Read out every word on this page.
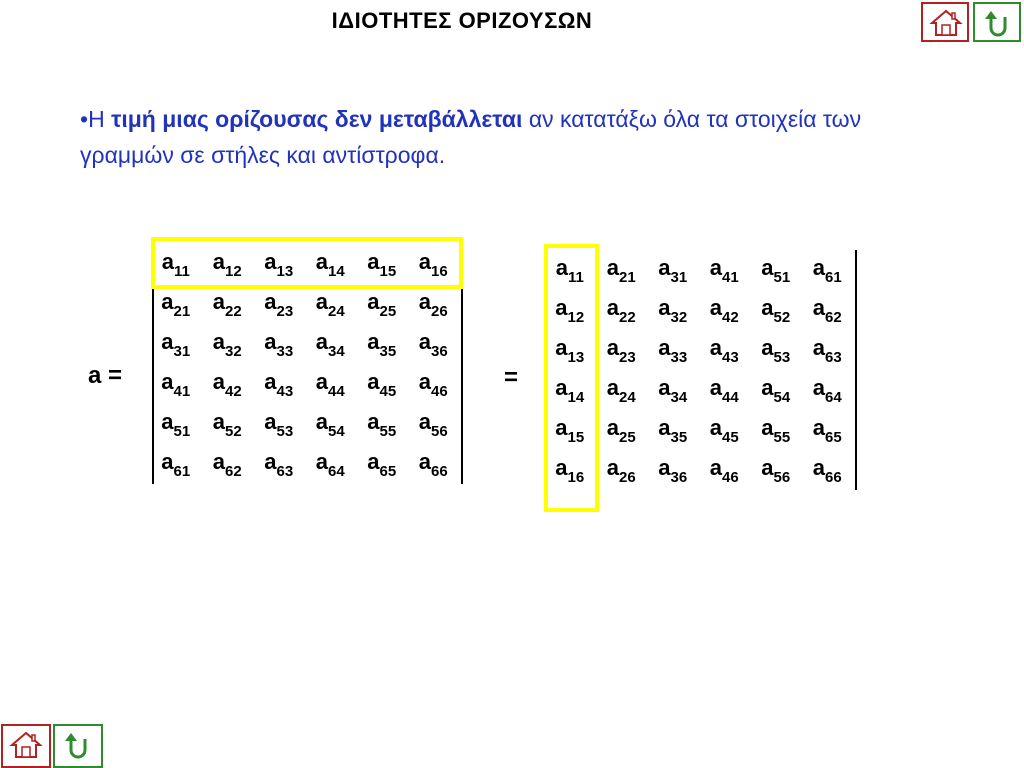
ΙΔΙΟΤΗΤΕΣ ΟΡΙΖΟΥΣΩΝ
•Η τιμή μιας ορίζουσας δεν μεταβάλλεται αν κατατάξω όλα τα στοιχεία των γραμμών σε στήλες και αντίστροφα.
a =
$a_{11}$	$a_{12}$	$a_{13}$	$a_{14}$	$a_{15}$	$a_{16}$
$a_{21}$	$a_{22}$	$a_{23}$	$a_{24}$	$a_{25}$	$a_{26}$
$a_{31}$	$a_{32}$	$a_{33}$	$a_{34}$	$a_{35}$	$a_{36}$
$a_{41}$	$a_{42}$	$a_{43}$	$a_{44}$	$a_{45}$	$a_{46}$
$a_{51}$	$a_{52}$	$a_{53}$	$a_{54}$	$a_{55}$	$a_{56}$
$a_{61}$	$a_{62}$	$a_{63}$	$a_{64}$	$a_{65}$	$a_{66}$
=
$a_{11}$	$a_{21}$	$a_{31}$	$a_{41}$	$a_{51}$	$a_{61}$
$a_{12}$	$a_{22}$	$a_{32}$	$a_{42}$	$a_{52}$	$a_{62}$
$a_{13}$	$a_{23}$	$a_{33}$	$a_{43}$	$a_{53}$	$a_{63}$
$a_{14}$	$a_{24}$	$a_{34}$	$a_{44}$	$a_{54}$	$a_{64}$
$a_{15}$	$a_{25}$	$a_{35}$	$a_{45}$	$a_{55}$	$a_{65}$
$a_{16}$	$a_{26}$	$a_{36}$	$a_{46}$	$a_{56}$	$a_{66}$
